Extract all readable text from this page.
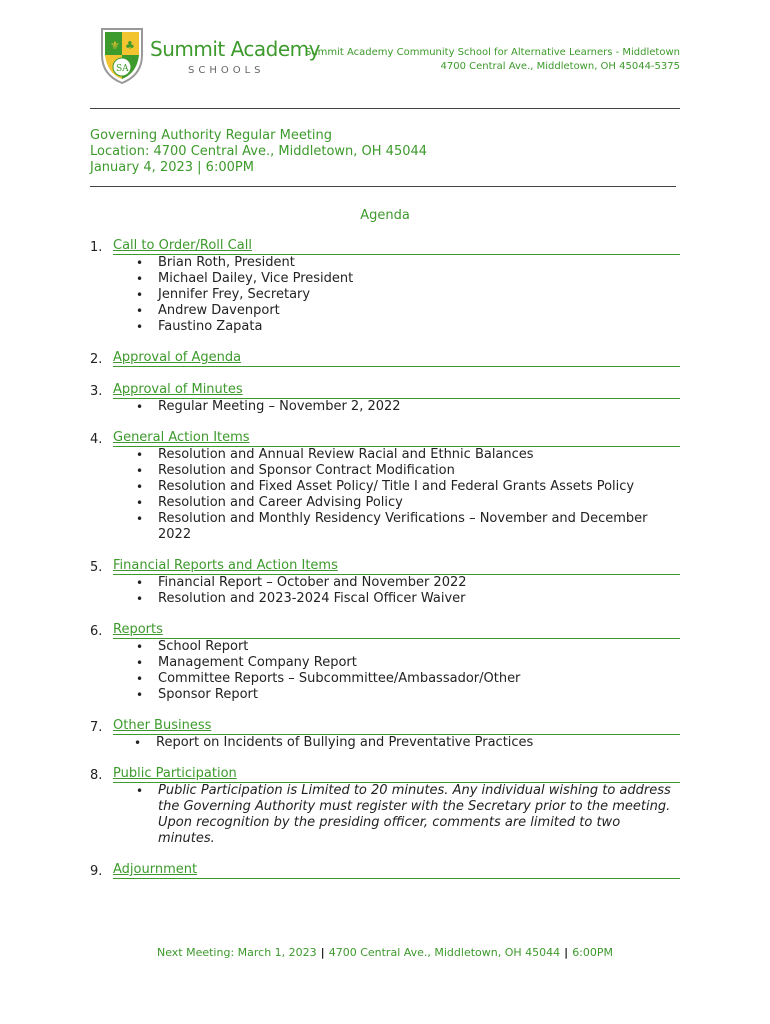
⚜ ♣
SA
Summit Academy
SCHOOLS
Summit Academy Community School for Alternative Learners - Middletown
4700 Central Ave., Middletown, OH 45044-5375
Governing Authority Regular Meeting
Location: 4700 Central Ave., Middletown, OH 45044
January 4, 2023 | 6:00PM
Agenda
1. Call to Order/Roll Call
• Brian Roth, President
• Michael Dailey, Vice President
• Jennifer Frey, Secretary
• Andrew Davenport
• Faustino Zapata
2. Approval of Agenda
3. Approval of Minutes
• Regular Meeting – November 2, 2022
4. General Action Items
• Resolution and Annual Review Racial and Ethnic Balances
• Resolution and Sponsor Contract Modification
• Resolution and Fixed Asset Policy/ Title I and Federal Grants Assets Policy
• Resolution and Career Advising Policy
• Resolution and Monthly Residency Verifications – November and December 2022
5. Financial Reports and Action Items
• Financial Report – October and November 2022
• Resolution and 2023-2024 Fiscal Officer Waiver
6. Reports
• School Report
• Management Company Report
• Committee Reports – Subcommittee/Ambassador/Other
• Sponsor Report
7. Other Business
• Report on Incidents of Bullying and Preventative Practices
8. Public Participation
• Public Participation is Limited to 20 minutes. Any individual wishing to address the Governing Authority must register with the Secretary prior to the meeting. Upon recognition by the presiding officer, comments are limited to two minutes.
9. Adjournment
Next Meeting: March 1, 2023 | 4700 Central Ave., Middletown, OH 45044 | 6:00PM
